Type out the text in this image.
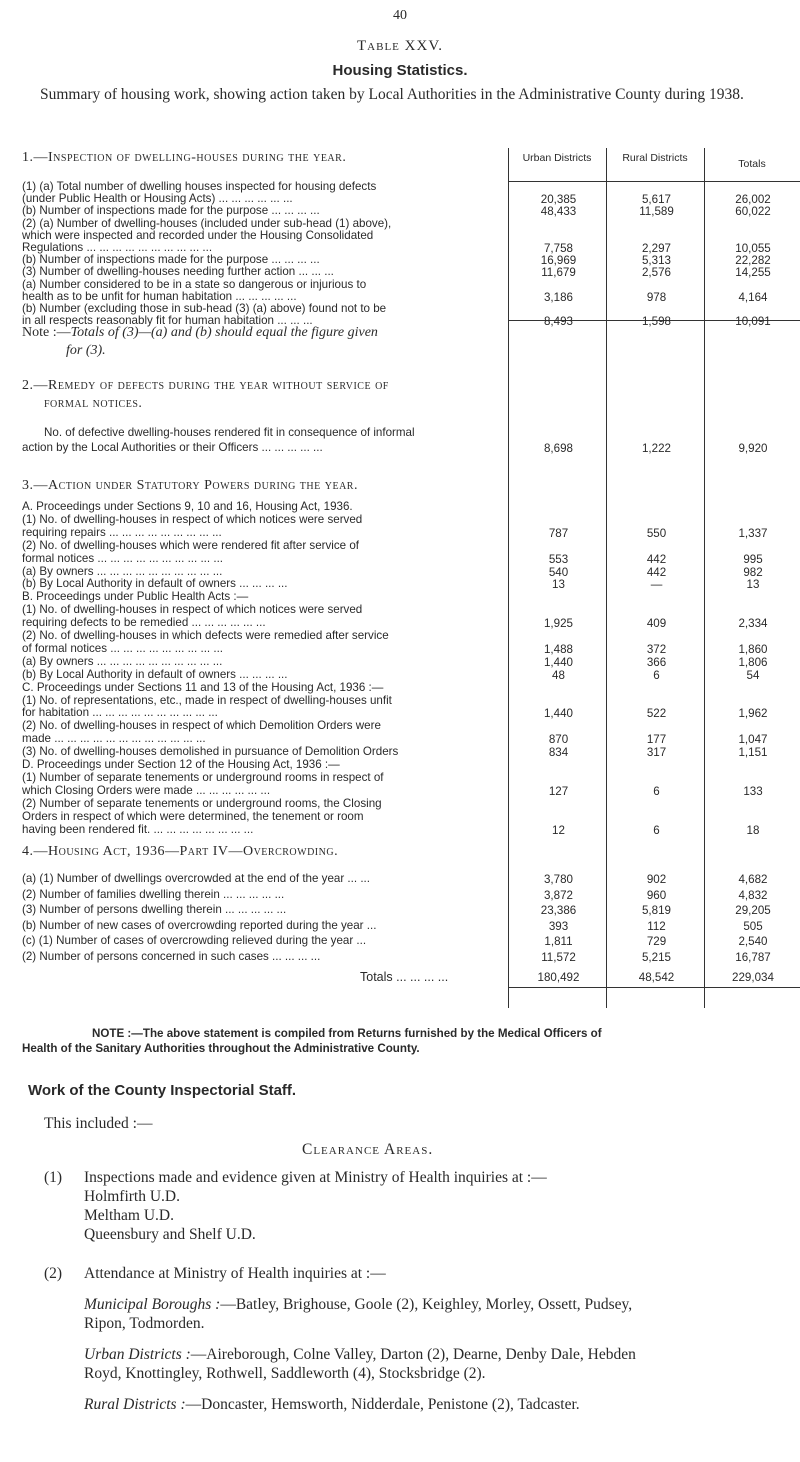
40
Table XXV.
Housing Statistics.
Summary of housing work, showing action taken by Local Authorities in the Administrative County during 1938.
Urban Districts	Rural Districts	Totals
1.—Inspection of dwelling-houses during the year.
(1) (a) Total number of dwelling houses inspected for housing defects
(under Public Health or Housing Acts) ... ... ... ... ... ...	20,385	5,617	26,002
(b) Number of inspections made for the purpose ... ... ... ...	48,433	11,589	60,022
(2) (a) Number of dwelling-houses (included under sub-head (1) above),
which were inspected and recorded under the Housing Consolidated
Regulations ... ... ... ... ... ... ... ... ... ...	7,758	2,297	10,055
(b) Number of inspections made for the purpose ... ... ... ...	16,969	5,313	22,282
(3) Number of dwelling-houses needing further action ... ... ...	11,679	2,576	14,255
(a) Number considered to be in a state so dangerous or injurious to
health as to be unfit for human habitation ... ... ... ... ...	3,186	978	4,164
(b) Number (excluding those in sub-head (3) (a) above) found not to be
in all respects reasonably fit for human habitation ... ... ...	8,493	1,598	10,091
Note :—Totals of (3)—(a) and (b) should equal the figure given
for (3).
2.—Remedy of defects during the year without service of
formal notices.
No. of defective dwelling-houses rendered fit in consequence of informal
action by the Local Authorities or their Officers ... ... ... ... ...	8,698	1,222	9,920
3.—Action under Statutory Powers during the year.
A. Proceedings under Sections 9, 10 and 16, Housing Act, 1936.
(1) No. of dwelling-houses in respect of which notices were served
requiring repairs ... ... ... ... ... ... ... ... ...	787	550	1,337
(2) No. of dwelling-houses which were rendered fit after service of
formal notices ... ... ... ... ... ... ... ... ... ...	553	442	995
(a) By owners ... ... ... ... ... ... ... ... ... ...	540	442	982
(b) By Local Authority in default of owners ... ... ... ...	13	—	13
B. Proceedings under Public Health Acts :—
(1) No. of dwelling-houses in respect of which notices were served
requiring defects to be remedied ... ... ... ... ... ...	1,925	409	2,334
(2) No. of dwelling-houses in which defects were remedied after service
of formal notices ... ... ... ... ... ... ... ... ...	1,488	372	1,860
(a) By owners ... ... ... ... ... ... ... ... ... ...	1,440	366	1,806
(b) By Local Authority in default of owners ... ... ... ...	48	6	54
C. Proceedings under Sections 11 and 13 of the Housing Act, 1936 :—
(1) No. of representations, etc., made in respect of dwelling-houses unfit
for habitation ... ... ... ... ... ... ... ... ... ...	1,440	522	1,962
(2) No. of dwelling-houses in respect of which Demolition Orders were
made ... ... ... ... ... ... ... ... ... ... ... ...	870	177	1,047
(3) No. of dwelling-houses demolished in pursuance of Demolition Orders	834	317	1,151
D. Proceedings under Section 12 of the Housing Act, 1936 :—
(1) Number of separate tenements or underground rooms in respect of
which Closing Orders were made ... ... ... ... ... ...	127	6	133
(2) Number of separate tenements or underground rooms, the Closing
Orders in respect of which were determined, the tenement or room
having been rendered fit. ... ... ... ... ... ... ... ...	12	6	18
4.—Housing Act, 1936—Part IV—Overcrowding.
(a) (1) Number of dwellings overcrowded at the end of the year ... ...	3,780	902	4,682
(2) Number of families dwelling therein ... ... ... ... ...	3,872	960	4,832
(3) Number of persons dwelling therein ... ... ... ... ...	23,386	5,819	29,205
(b) Number of new cases of overcrowding reported during the year ...	393	112	505
(c) (1) Number of cases of overcrowding relieved during the year ...	1,811	729	2,540
(2) Number of persons concerned in such cases ... ... ... ...	11,572	5,215	16,787
Totals ... ... ... ...	180,492	48,542	229,034
NOTE :—The above statement is compiled from Returns furnished by the Medical Officers of
Health of the Sanitary Authorities throughout the Administrative County.
Work of the County Inspectorial Staff.
This included :—
Clearance Areas.
(1) Inspections made and evidence given at Ministry of Health inquiries at :—
Holmfirth U.D.
Meltham U.D.
Queensbury and Shelf U.D.
(2) Attendance at Ministry of Health inquiries at :—
Municipal Boroughs :—Batley, Brighouse, Goole (2), Keighley, Morley, Ossett, Pudsey,
Ripon, Todmorden.
Urban Districts :—Aireborough, Colne Valley, Darton (2), Dearne, Denby Dale, Hebden
Royd, Knottingley, Rothwell, Saddleworth (4), Stocksbridge (2).
Rural Districts :—Doncaster, Hemsworth, Nidderdale, Penistone (2), Tadcaster.
